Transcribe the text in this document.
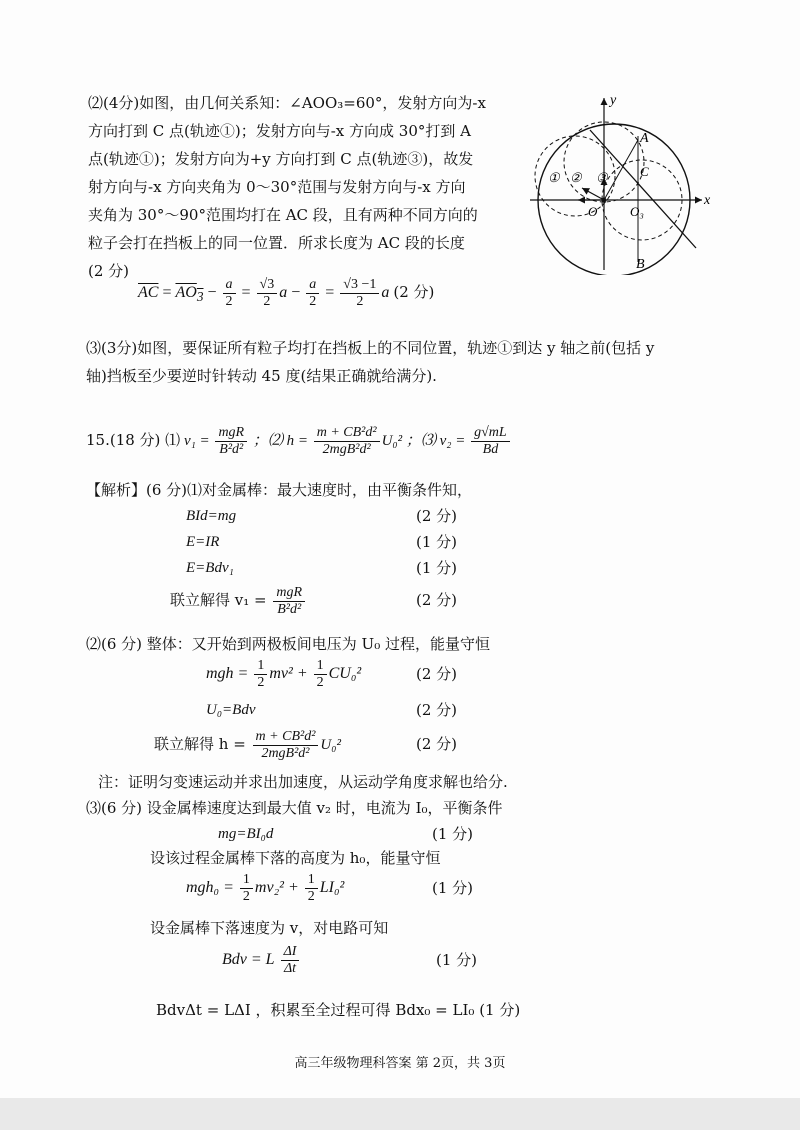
⑵(4分)如图，由几何关系知：∠AOO₃=60°，发射方向为-x
方向打到 C 点(轨迹①)；发射方向与-x 方向成 30°打到 A
点(轨迹①)；发射方向为+y 方向打到 C 点(轨迹③)，故发
射方向与-x 方向夹角为 0～30°范围与发射方向与-x 方向
夹角为 30°～90°范围均打在 AC 段，且有两种不同方向的
粒子会打在挡板上的同一位置．所求长度为 AC 段的长度
(2 分)
$\overline{AC} = AO_3 - \frac{a}{2} = \frac{√3}{2}$ $a - \frac{a}{2} = \frac{√3 -1}{2}$ a (2 分)
y
x
A
B
C
O	O₃
① ② ③
⑶(3分)如图，要保证所有粒子均打在挡板上的不同位置，轨迹①到达 y 轴之前(包括 y
轴)挡板至少要逆时针转动 45 度(结果正确就给满分).
15.(18 分) ⑴ $v_1 = \frac{\text{mgR}}{\text{B²d²}}$ ；⑵ $h = \frac{\text{m + CB²d²}}{\text{2mgB²d²}} U_0^2$ ；⑶ $v_2 = \frac{g√mL}{Bd}$
【解析】(6 分)⑴对金属棒：最大速度时，由平衡条件知，
BId=mg	(2 分)
E=IR	(1 分)
E=Bdv₁	(1 分)
联立解得 $v_1 = \frac{\text{mgR}}{\text{B²d²}}$	(2 分)
⑵(6 分) 整体：又开始到两极板间电压为 U₀ 过程，能量守恒
mgh = $\frac{1}{2} mv^2 + \frac{1}{2} CU_0^2$	(2 分)
U₀=Bdv	(2 分)
联立解得 $h = \frac{\text{m + CB²d²}}{\text{2mgB²d²}} U_0^2$	(2 分)
注：证明匀变速运动并求出加速度，从运动学角度求解也给分.
⑶(6 分) 设金属棒速度达到最大值 v₂ 时，电流为 I₀，平衡条件
mg=BI₀d	(1 分)
设该过程金属棒下落的高度为 h₀，能量守恒
$mgh_0 = \frac{1}{2} mv_2^2 + \frac{1}{2} LI_0^2$	(1 分)
设金属棒下落速度为 v，对电路可知
Bdv = L $\frac{\Delta I}{\Delta t}$	(1 分)
BdvΔt = LΔI ，积累至全过程可得 Bdx₀ = LI₀ (1 分)
高三年级物理科答案 第 2页，共 3页
